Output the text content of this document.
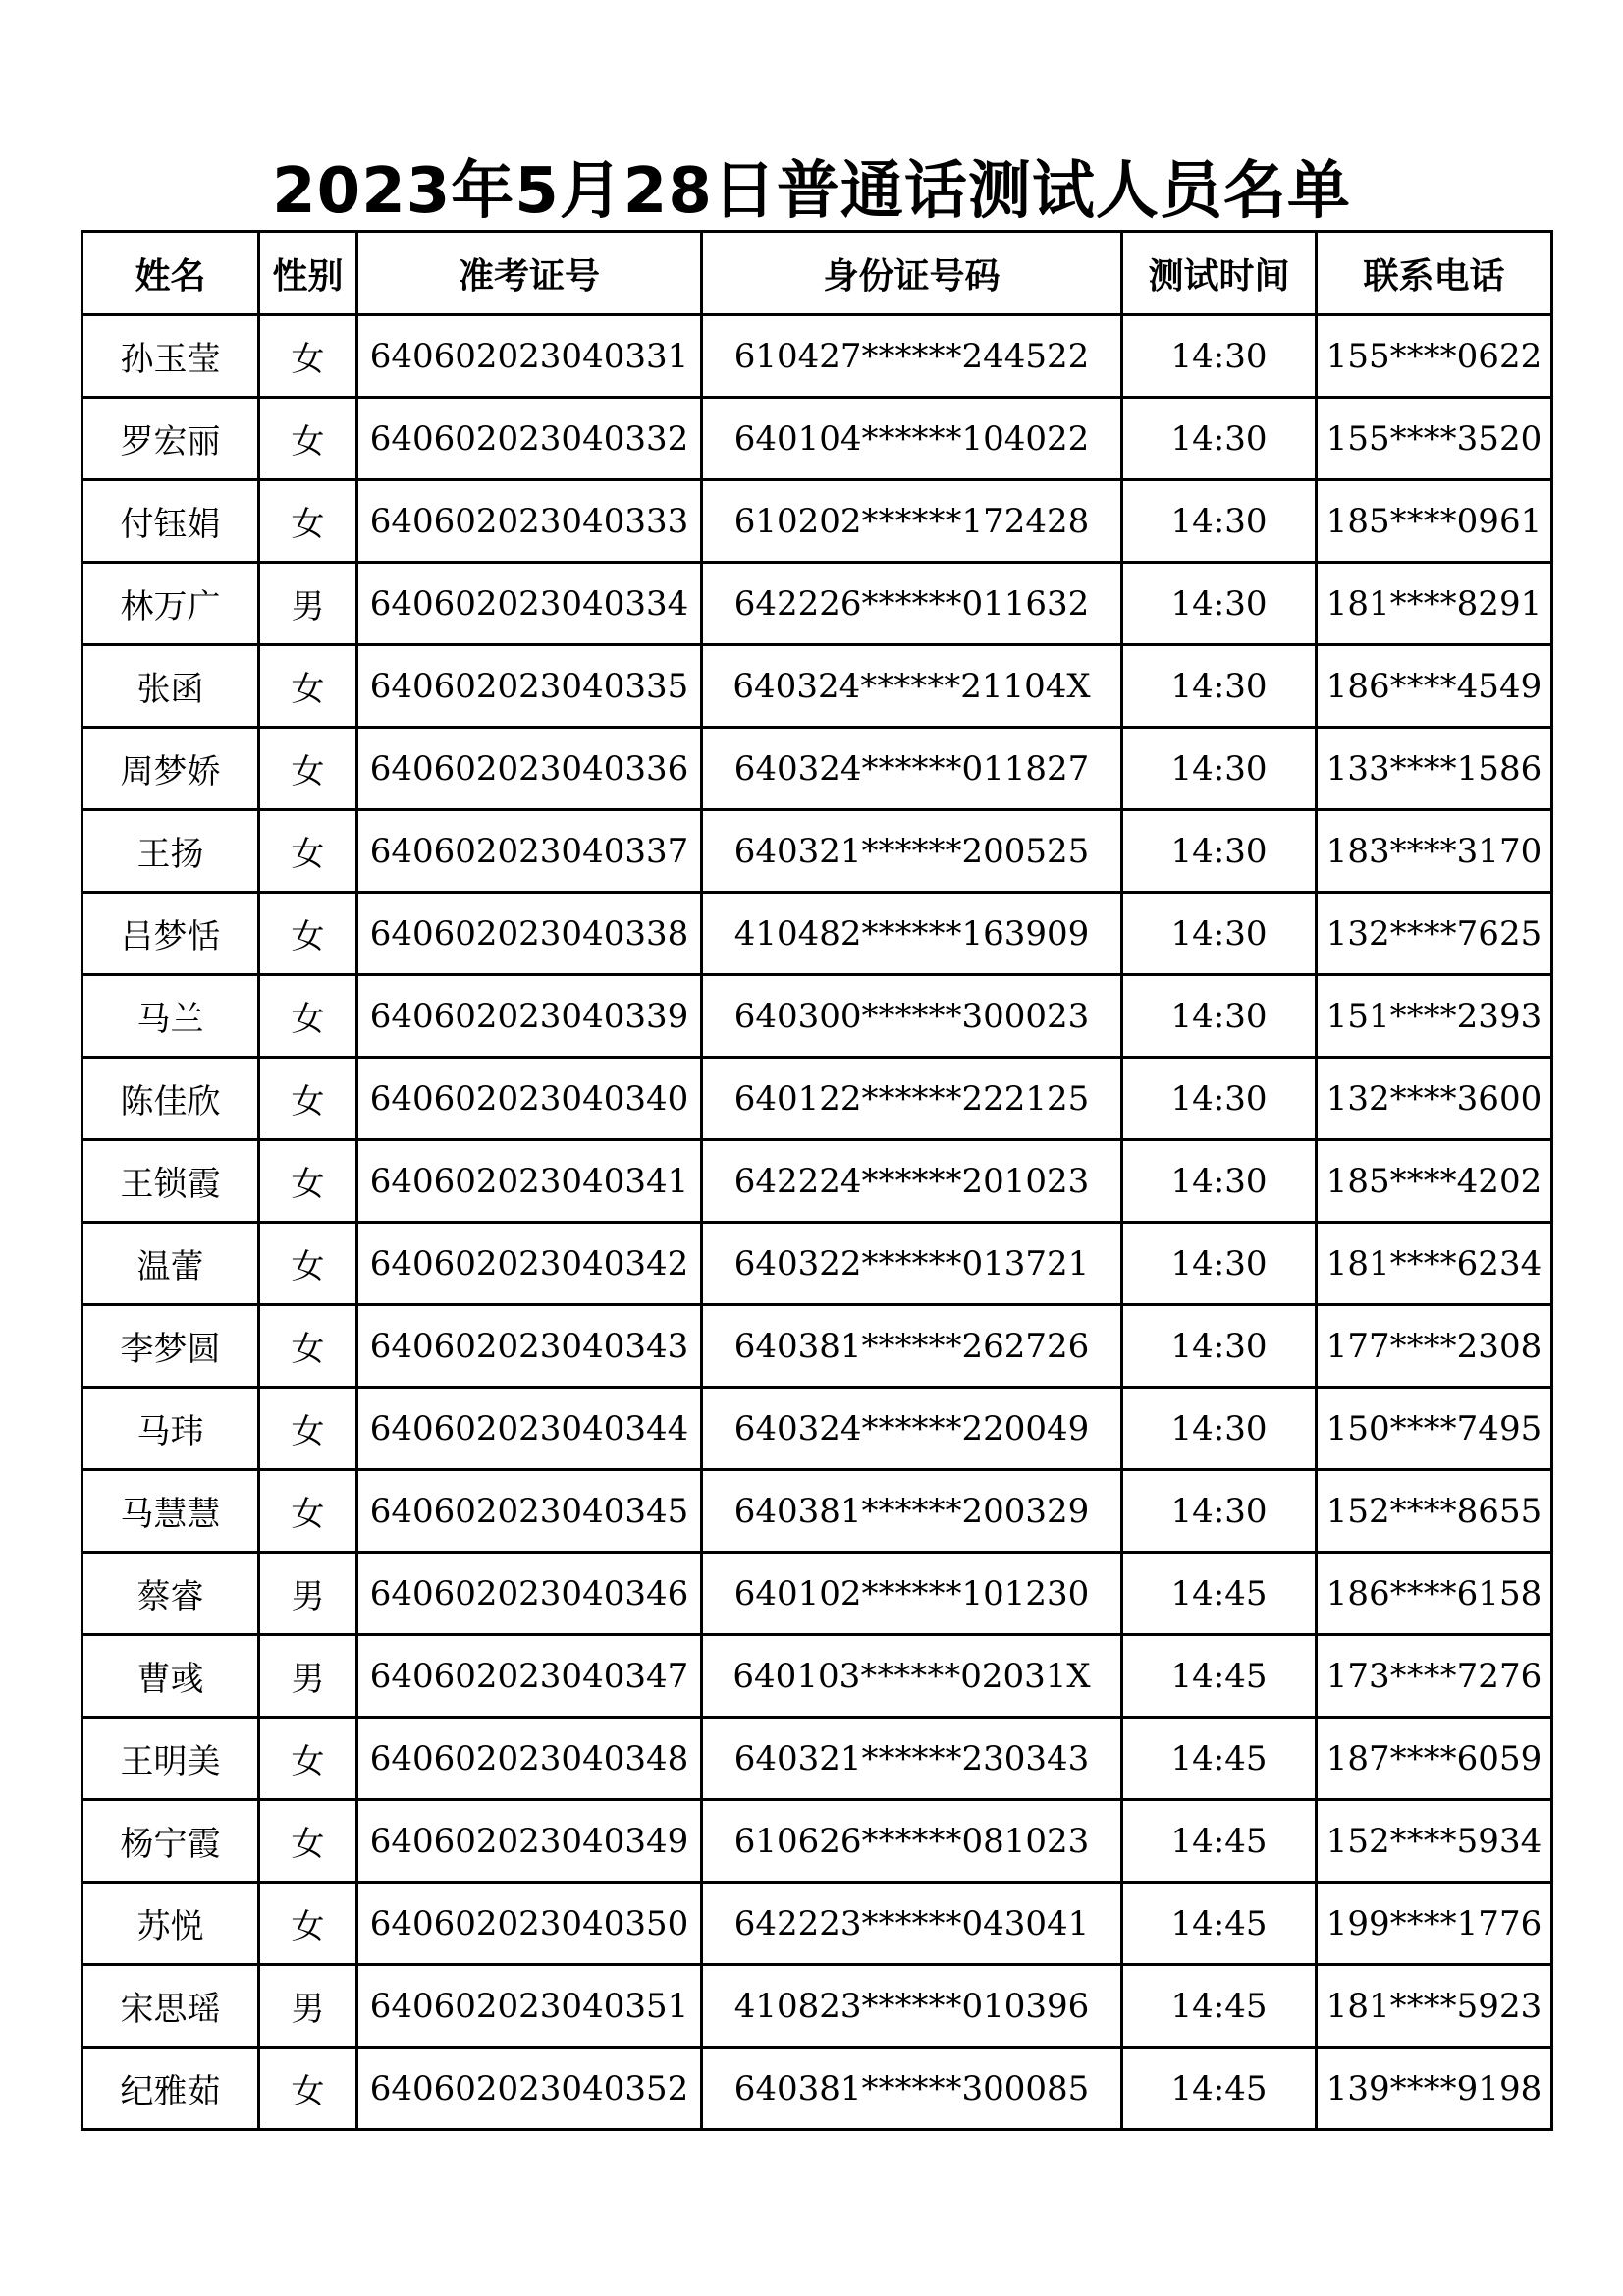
2023年5月28日普通话测试人员名单
姓名	性别	准考证号	身份证号码	测试时间	联系电话
孙玉莹	女	640602023040331	610427******244522	14:30	155****0622
罗宏丽	女	640602023040332	640104******104022	14:30	155****3520
付钰娟	女	640602023040333	610202******172428	14:30	185****0961
林万广	男	640602023040334	642226******011632	14:30	181****8291
张函	女	640602023040335	640324******21104X	14:30	186****4549
周梦娇	女	640602023040336	640324******011827	14:30	133****1586
王扬	女	640602023040337	640321******200525	14:30	183****3170
吕梦恬	女	640602023040338	410482******163909	14:30	132****7625
马兰	女	640602023040339	640300******300023	14:30	151****2393
陈佳欣	女	640602023040340	640122******222125	14:30	132****3600
王锁霞	女	640602023040341	642224******201023	14:30	185****4202
温蕾	女	640602023040342	640322******013721	14:30	181****6234
李梦圆	女	640602023040343	640381******262726	14:30	177****2308
马玮	女	640602023040344	640324******220049	14:30	150****7495
马慧慧	女	640602023040345	640381******200329	14:30	152****8655
蔡睿	男	640602023040346	640102******101230	14:45	186****6158
曹彧	男	640602023040347	640103******02031X	14:45	173****7276
王明美	女	640602023040348	640321******230343	14:45	187****6059
杨宁霞	女	640602023040349	610626******081023	14:45	152****5934
苏悦	女	640602023040350	642223******043041	14:45	199****1776
宋思瑶	男	640602023040351	410823******010396	14:45	181****5923
纪雅茹	女	640602023040352	640381******300085	14:45	139****9198
